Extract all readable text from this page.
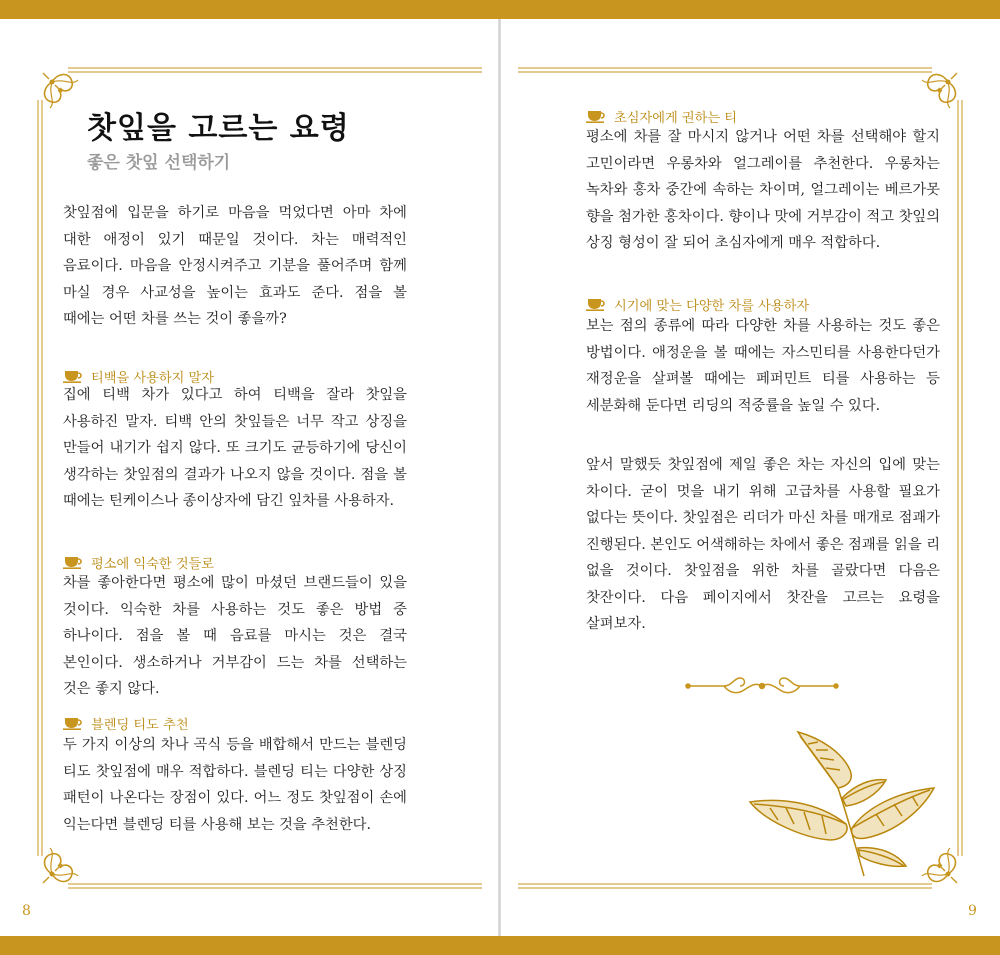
찻잎을 고르는 요령
좋은 찻잎 선택하기

찻잎점에 입문을 하기로 마음을 먹었다면 아마 차에 대한 애정이 있기 때문일 것이다. 차는 매력적인 음료이다. 마음을 안정시켜주고 기분을 풀어주며 함께 마실 경우 사교성을 높이는 효과도 준다. 점을 볼 때에는 어떤 차를 쓰는 것이 좋을까?

티백을 사용하지 말자

집에 티백 차가 있다고 하여 티백을 잘라 찻잎을 사용하진 말자. 티백 안의 찻잎들은 너무 작고 상징을 만들어 내기가 쉽지 않다. 또 크기도 균등하기에 당신이 생각하는 찻잎점의 결과가 나오지 않을 것이다. 점을 볼 때에는 틴케이스나 종이상자에 담긴 잎차를 사용하자.

평소에 익숙한 것들로

차를 좋아한다면 평소에 많이 마셨던 브랜드들이 있을 것이다. 익숙한 차를 사용하는 것도 좋은 방법 중 하나이다. 점을 볼 때 음료를 마시는 것은 결국 본인이다. 생소하거나 거부감이 드는 차를 선택하는 것은 좋지 않다.

블렌딩 티도 추천

두 가지 이상의 차나 곡식 등을 배합해서 만드는 블렌딩 티도 찻잎점에 매우 적합하다. 블렌딩 티는 다양한 상징 패턴이 나온다는 장점이 있다. 어느 정도 찻잎점이 손에 익는다면 블렌딩 티를 사용해 보는 것을 추천한다.

8
초심자에게 권하는 티

평소에 차를 잘 마시지 않거나 어떤 차를 선택해야 할지 고민이라면 우롱차와 얼그레이를 추천한다. 우롱차는 녹차와 홍차 중간에 속하는 차이며, 얼그레이는 베르가못 향을 첨가한 홍차이다. 향이나 맛에 거부감이 적고 찻잎의 상징 형성이 잘 되어 초심자에게 매우 적합하다.

시기에 맞는 다양한 차를 사용하자

보는 점의 종류에 따라 다양한 차를 사용하는 것도 좋은 방법이다. 애정운을 볼 때에는 자스민티를 사용한다던가 재정운을 살펴볼 때에는 페퍼민트 티를 사용하는 등 세분화해 둔다면 리딩의 적중률을 높일 수 있다.

앞서 말했듯 찻잎점에 제일 좋은 차는 자신의 입에 맞는 차이다. 굳이 멋을 내기 위해 고급차를 사용할 필요가 없다는 뜻이다. 찻잎점은 리더가 마신 차를 매개로 점괘가 진행된다. 본인도 어색해하는 차에서 좋은 점괘를 읽을 리 없을 것이다. 찻잎점을 위한 차를 골랐다면 다음은 찻잔이다. 다음 페이지에서 찻잔을 고르는 요령을 살펴보자.

9
